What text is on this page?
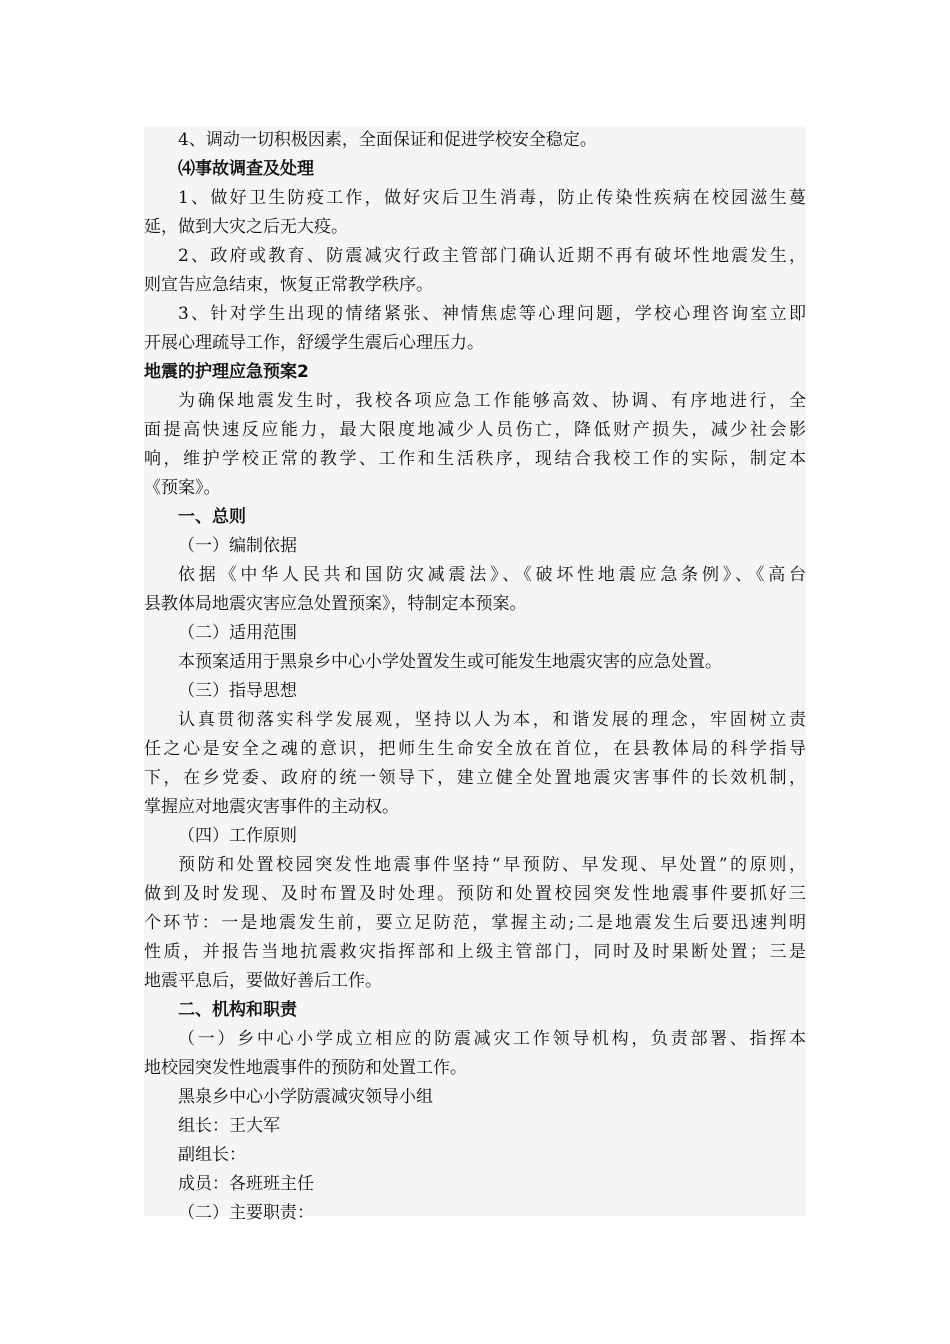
4、调动一切积极因素，全面保证和促进学校安全稳定。
⑷事故调查及处理
1、做好卫生防疫工作，做好灾后卫生消毒，防止传染性疾病在校园滋生蔓
延，做到大灾之后无大疫。
2、政府或教育、防震减灾行政主管部门确认近期不再有破坏性地震发生，
则宣告应急结束，恢复正常教学秩序。
3、针对学生出现的情绪紧张、神情焦虑等心理问题，学校心理咨询室立即
开展心理疏导工作，舒缓学生震后心理压力。
地震的护理应急预案2
为确保地震发生时，我校各项应急工作能够高效、协调、有序地进行，全
面提高快速反应能力，最大限度地减少人员伤亡，降低财产损失，减少社会影
响，维护学校正常的教学、工作和生活秩序，现结合我校工作的实际，制定本
《预案》。
一、总则
（一）编制依据
依据《中华人民共和国防灾减震法》、《破坏性地震应急条例》、《高台
县教体局地震灾害应急处置预案》，特制定本预案。
（二）适用范围
本预案适用于黑泉乡中心小学处置发生或可能发生地震灾害的应急处置。
（三）指导思想
认真贯彻落实科学发展观，坚持以人为本，和谐发展的理念，牢固树立责
任之心是安全之魂的意识，把师生生命安全放在首位，在县教体局的科学指导
下，在乡党委、政府的统一领导下，建立健全处置地震灾害事件的长效机制，
掌握应对地震灾害事件的主动权。
（四）工作原则
预防和处置校园突发性地震事件坚持“早预防、早发现、早处置”的原则，
做到及时发现、及时布置及时处理。预防和处置校园突发性地震事件要抓好三
个环节：一是地震发生前，要立足防范，掌握主动;二是地震发生后要迅速判明
性质，并报告当地抗震救灾指挥部和上级主管部门，同时及时果断处置；三是
地震平息后，要做好善后工作。
二、机构和职责
（一）乡中心小学成立相应的防震减灾工作领导机构，负责部署、指挥本
地校园突发性地震事件的预防和处置工作。
黑泉乡中心小学防震减灾领导小组
组长：王大军
副组长：
成员：各班班主任
（二）主要职责：
